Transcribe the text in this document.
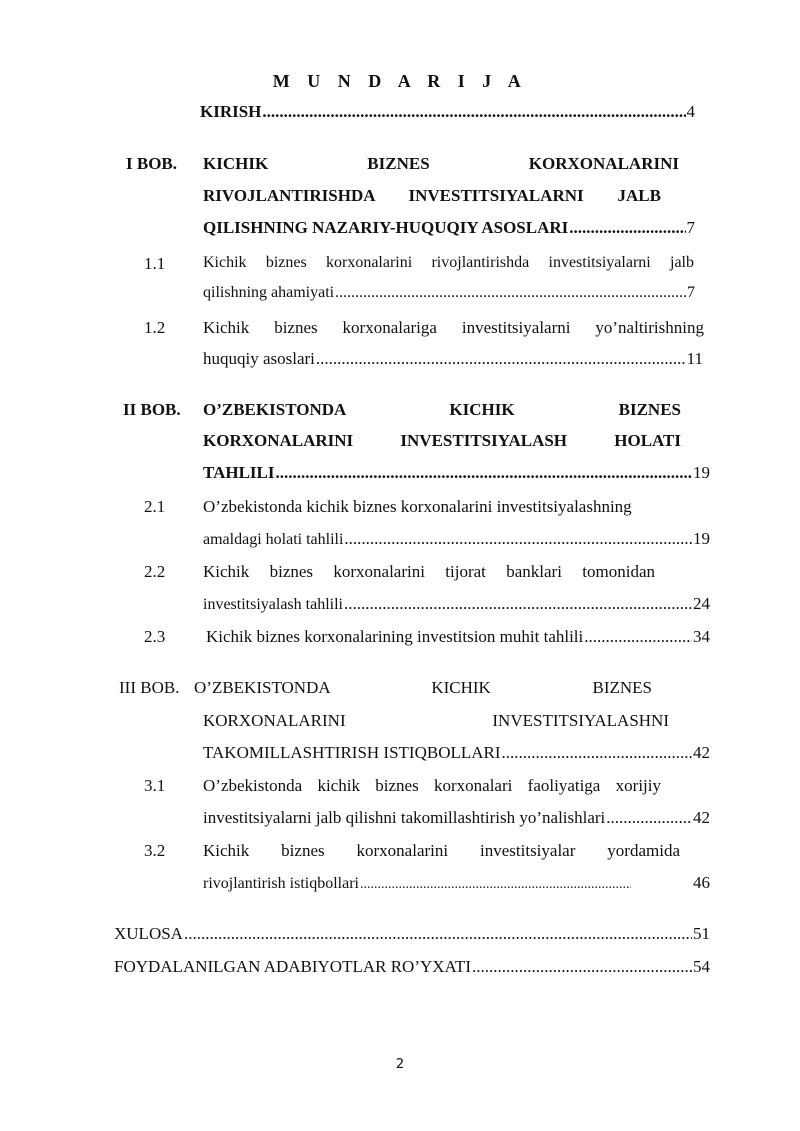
M U N D A R I J A
KIRISH .....	4
I BOB. KICHIK BIZNES KORXONALARINI
RIVOJLANTIRISHDA INVESTITSIYALARNI JALB
QILISHNING NAZARIY-HUQUQIY ASOSLARI .....	7
1.1 Kichik biznes korxonalarini rivojlantirishda investitsiyalarni jalb
qilishning ahamiyati .....	7
1.2 Kichik biznes korxonalariga investitsiyalarni yo’naltirishning
huquqiy asoslari .....	11
II BOB. O’ZBEKISTONDA KICHIK BIZNES
KORXONALARINI INVESTITSIYALASH HOLATI
TAHLILI .....	19
2.1 O’zbekistonda kichik biznes korxonalarini investitsiyalashning
amaldagi holati tahlili .....	19
2.2 Kichik biznes korxonalarini tijorat banklari tomonidan
investitsiyalash tahlili .....	24
2.3 Kichik biznes korxonalarining investitsion muhit tahlili .....	34
III BOB. O’ZBEKISTONDA KICHIK BIZNES
KORXONALARINI INVESTITSIYALASHNI
TAKOMILLASHTIRISH ISTIQBOLLARI .....	42
3.1 O’zbekistonda kichik biznes korxonalari faoliyatiga xorijiy
investitsiyalarni jalb qilishni takomillashtirish yo’nalishlari .....	42
3.2 Kichik biznes korxonalarini investitsiyalar yordamida
rivojlantirish istiqbollari .....	46
XULOSA .....	51
FOYDALANILGAN ADABIYOTLAR RO’YXATI .....	54
2
